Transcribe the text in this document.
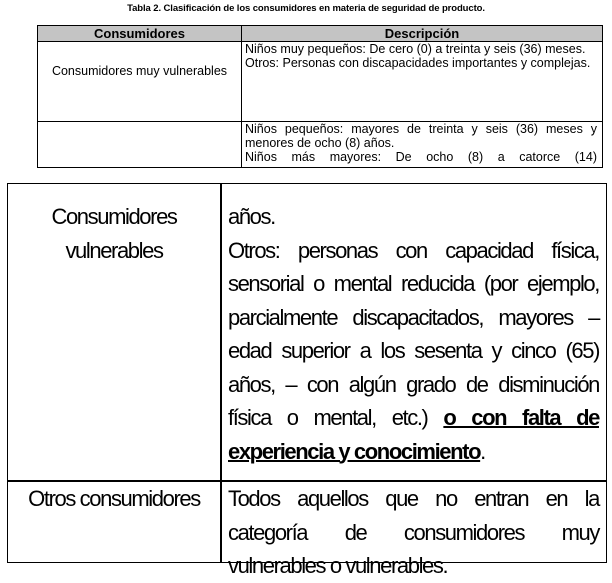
Tabla 2. Clasificación de los consumidores en materia de seguridad de producto.
Consumidores	Descripción
Consumidores muy vulnerables

Niños muy pequeños: De cero (0) a treinta y seis (36) meses.

Otros: Personas con discapacidades importantes y complejas.

Niños pequeños: mayores de treinta y seis (36) meses y menores de ocho (8) años.

Niños más mayores: De ocho (8) a catorce (14)

Consumidores vulnerables

años.

Otros: personas con capacidad física, sensorial o mental reducida (por ejemplo, parcialmente discapacitados, mayores – edad superior a los sesenta y cinco (65) años, – con algún grado de disminución física o mental, etc.) o con falta de experiencia y conocimiento.

Otros consumidores	Todos aquellos que no entran en la categoría de consumidores muy vulnerables o vulnerables.
